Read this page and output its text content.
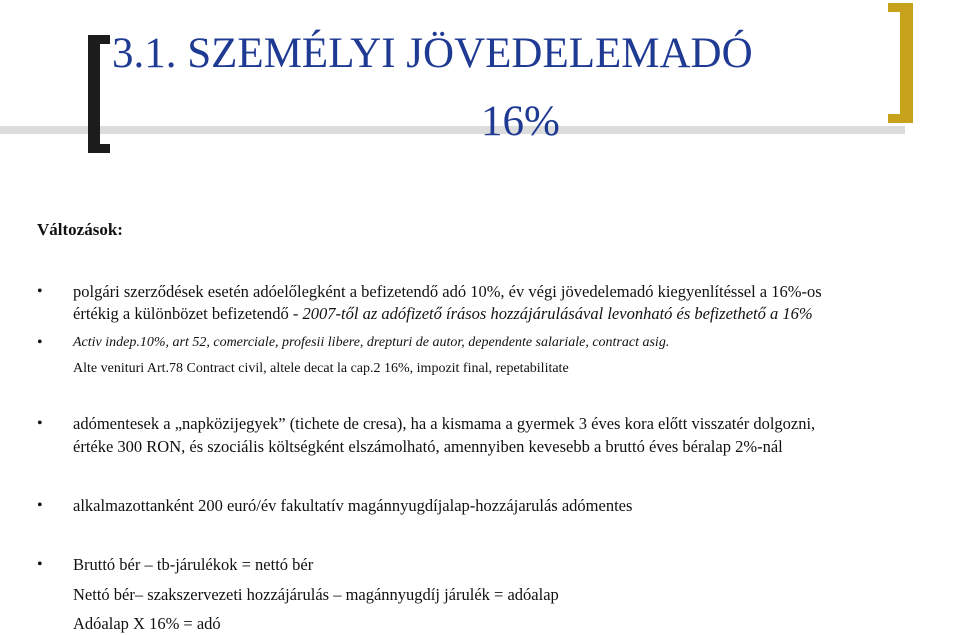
3.1. SZEMÉLYI JÖVEDELEMADÓ
16%
Változások:
• polgári szerződések esetén adóelőlegként a befizetendő adó 10%, év végi jövedelemadó kiegyenlítéssel a 16%-os
értékig a különbözet befizetendő - 2007-től az adófizető írásos hozzájárulásával levonható és befizethető a 16%
• Activ indep.10%, art 52, comerciale, profesii libere, drepturi de autor, dependente salariale, contract asig.
Alte venituri Art.78 Contract civil, altele decat la cap.2 16%, impozit final, repetabilitate
• adómentesek a „napközijegyek” (tichete de cresa), ha a kismama a gyermek 3 éves kora előtt visszatér dolgozni,
értéke 300 RON, és szociális költségként elszámolható, amennyiben kevesebb a bruttó éves béralap 2%-nál
• alkalmazottanként 200 euró/év fakultatív magánnyugdíjalap-hozzájarulás adómentes
• Bruttó bér – tb-járulékok = nettó bér
Nettó bér– szakszervezeti hozzájárulás – magánnyugdíj járulék = adóalap
Adóalap X 16% = adó
